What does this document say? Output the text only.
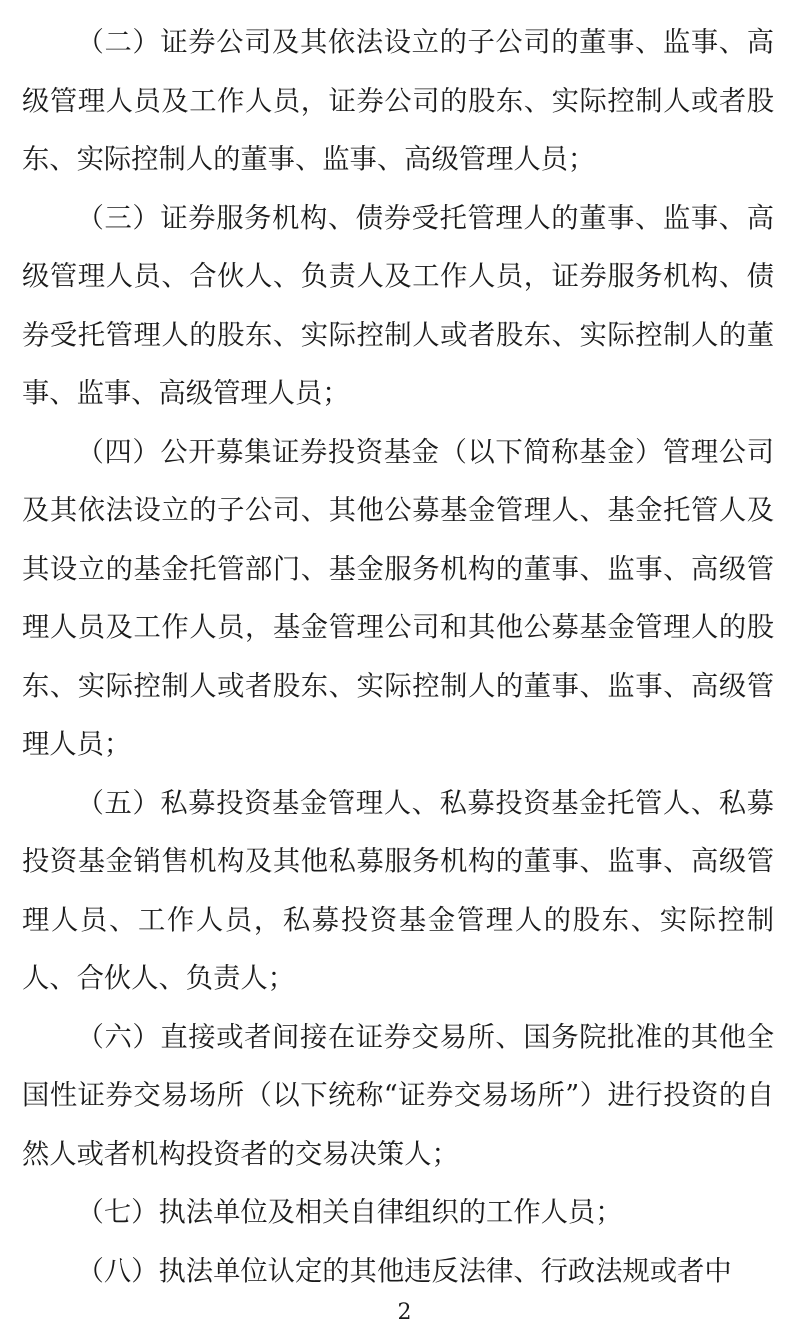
（二）证券公司及其依法设立的子公司的董事、监事、高级管理人员及工作人员，证券公司的股东、实际控制人或者股东、实际控制人的董事、监事、高级管理人员；

（三）证券服务机构、债券受托管理人的董事、监事、高级管理人员、合伙人、负责人及工作人员，证券服务机构、债券受托管理人的股东、实际控制人或者股东、实际控制人的董事、监事、高级管理人员；

（四）公开募集证券投资基金（以下简称基金）管理公司及其依法设立的子公司、其他公募基金管理人、基金托管人及其设立的基金托管部门、基金服务机构的董事、监事、高级管理人员及工作人员，基金管理公司和其他公募基金管理人的股东、实际控制人或者股东、实际控制人的董事、监事、高级管理人员；

（五）私募投资基金管理人、私募投资基金托管人、私募投资基金销售机构及其他私募服务机构的董事、监事、高级管理人员、工作人员，私募投资基金管理人的股东、实际控制人、合伙人、负责人；

（六）直接或者间接在证券交易所、国务院批准的其他全国性证券交易场所（以下统称“证券交易场所”）进行投资的自然人或者机构投资者的交易决策人；

（七）执法单位及相关自律组织的工作人员；

（八）执法单位认定的其他违反法律、行政法规或者中

2
